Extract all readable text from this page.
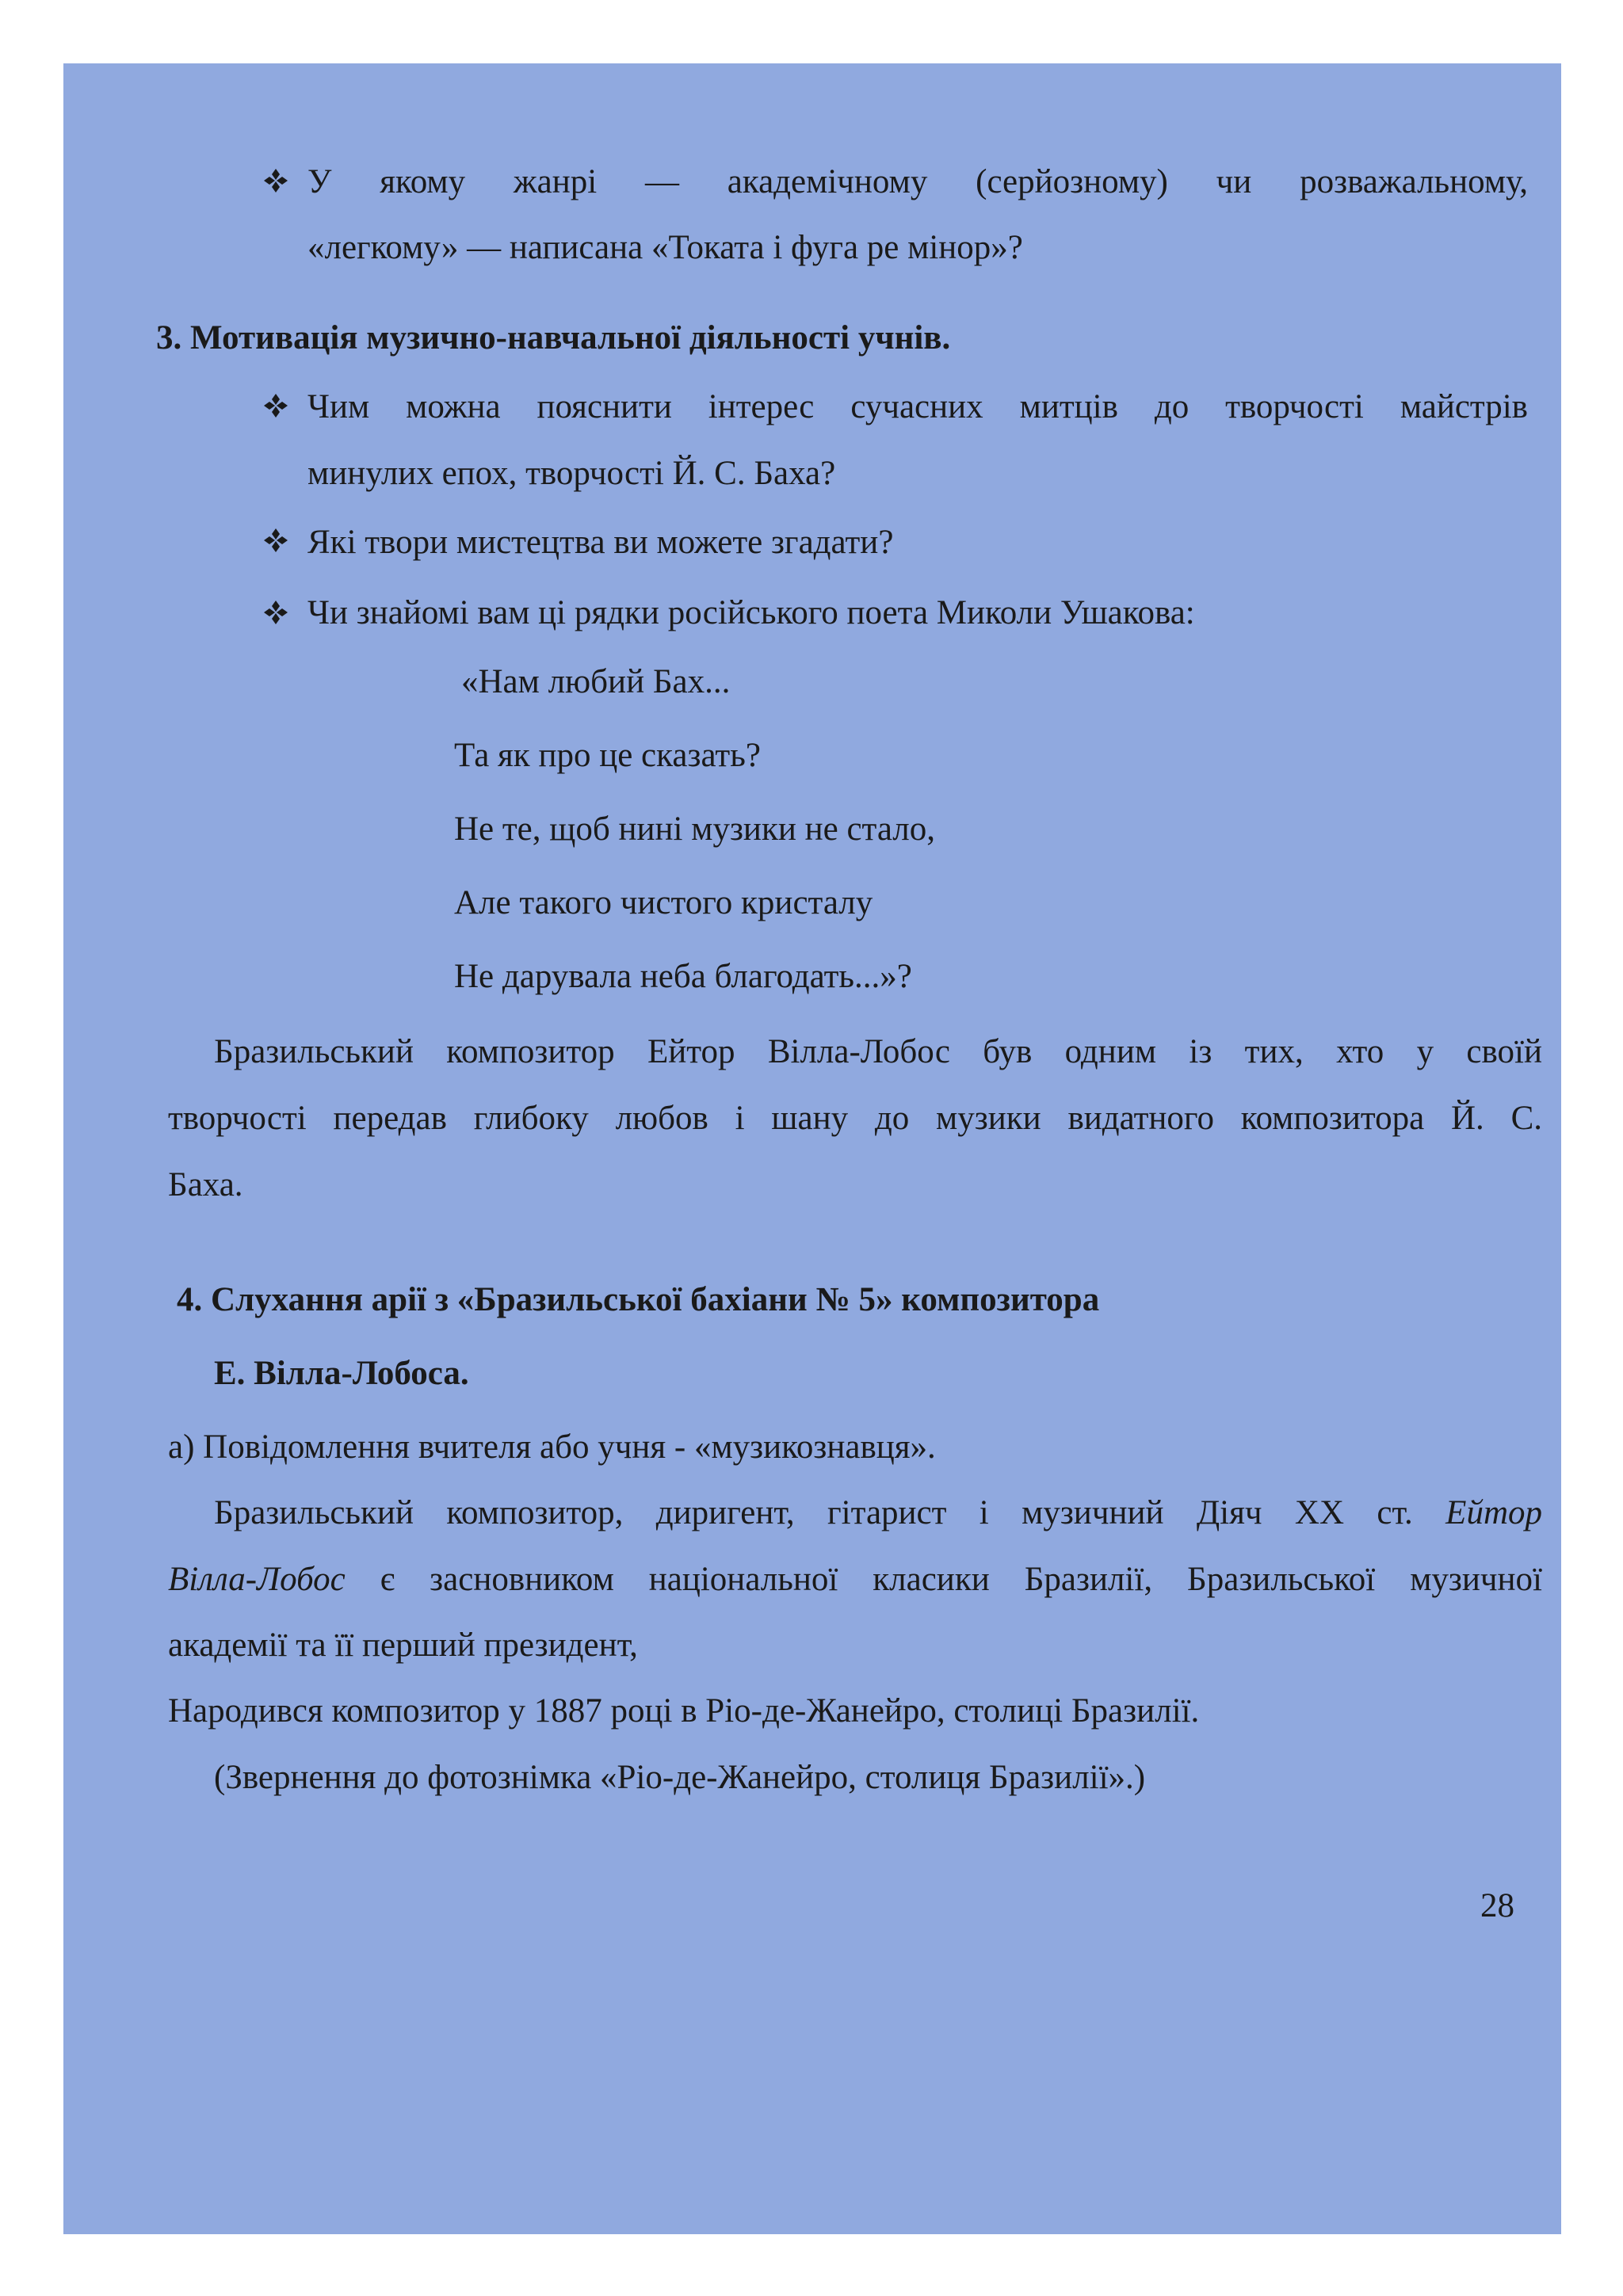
У якому жанрі — академічному (серйозному) чи розважальному,
«легкому» — написана «Токата і фуга ре мінор»?
3. Мотивація музично-навчальної діяльності учнів.
Чим можна пояснити інтерес сучасних митців до творчості майстрів
минулих епох, творчості Й. С. Баха?
Які твори мистецтва ви можете згадати?
Чи знайомі вам ці рядки російського поета Миколи Ушакова:
«Нам любий Бах...
Та як про це сказать?
Не те, щоб нині музики не стало,
Але такого чистого кристалу
Не дарувала неба благодать...»?
Бразильський композитор Ейтор Вілла-Лобос був одним із тих, хто у своїй
творчості передав глибоку любов і шану до музики видатного композитора Й. С.
Баха.
4. Слухання арії з «Бразильської бахіани № 5» композитора
Е. Вілла-Лобоса.
а) Повідомлення вчителя або учня - «музикознавця».
Бразильський композитор, диригент, гітарист і музичний Діяч ХХ ст. Ейтор
Вілла-Лобос є засновником національної класики Бразилії, Бразильської музичної
академії та її перший президент,
Народився композитор у 1887 році в Ріо-де-Жанейро, столиці Бразилії.
(Звернення до фотознімка «Ріо-де-Жанейро, столиця Бразилії».)
28
